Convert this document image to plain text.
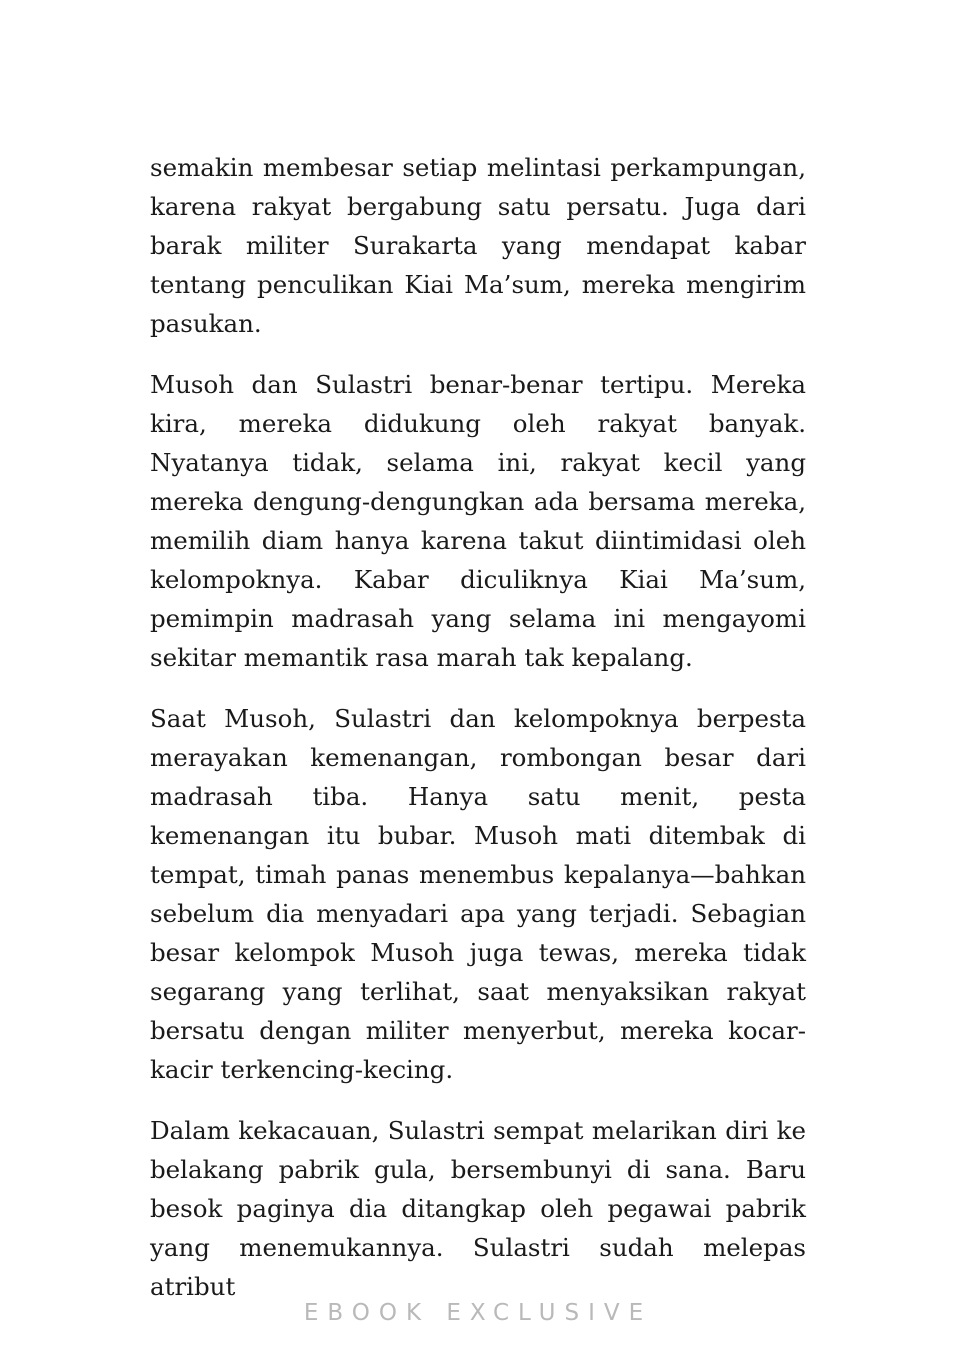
semakin membesar setiap melintasi perkampungan, karena rakyat bergabung satu persatu. Juga dari barak militer Surakarta yang mendapat kabar tentang penculikan Kiai Ma’sum, mereka mengirim pasukan.

Musoh dan Sulastri benar-benar tertipu. Mereka kira, mereka didukung oleh rakyat banyak. Nyatanya tidak, selama ini, rakyat kecil yang mereka dengung-dengungkan ada bersama mereka, memilih diam hanya karena takut diintimidasi oleh kelompoknya. Kabar diculiknya Kiai Ma’sum, pemimpin madrasah yang selama ini mengayomi sekitar memantik rasa marah tak kepalang.

Saat Musoh, Sulastri dan kelompoknya berpesta merayakan kemenangan, rombongan besar dari madrasah tiba. Hanya satu menit, pesta kemenangan itu bubar. Musoh mati ditembak di tempat, timah panas menembus kepalanya—bahkan sebelum dia menyadari apa yang terjadi. Sebagian besar kelompok Musoh juga tewas, mereka tidak segarang yang terlihat, saat menyaksikan rakyat bersatu dengan militer menyerbut, mereka kocar-kacir terkencing-kecing.

Dalam kekacauan, Sulastri sempat melarikan diri ke belakang pabrik gula, bersembunyi di sana. Baru besok paginya dia ditangkap oleh pegawai pabrik yang menemukannya. Sulastri sudah melepas atribut

EBOOK EXCLUSIVE
